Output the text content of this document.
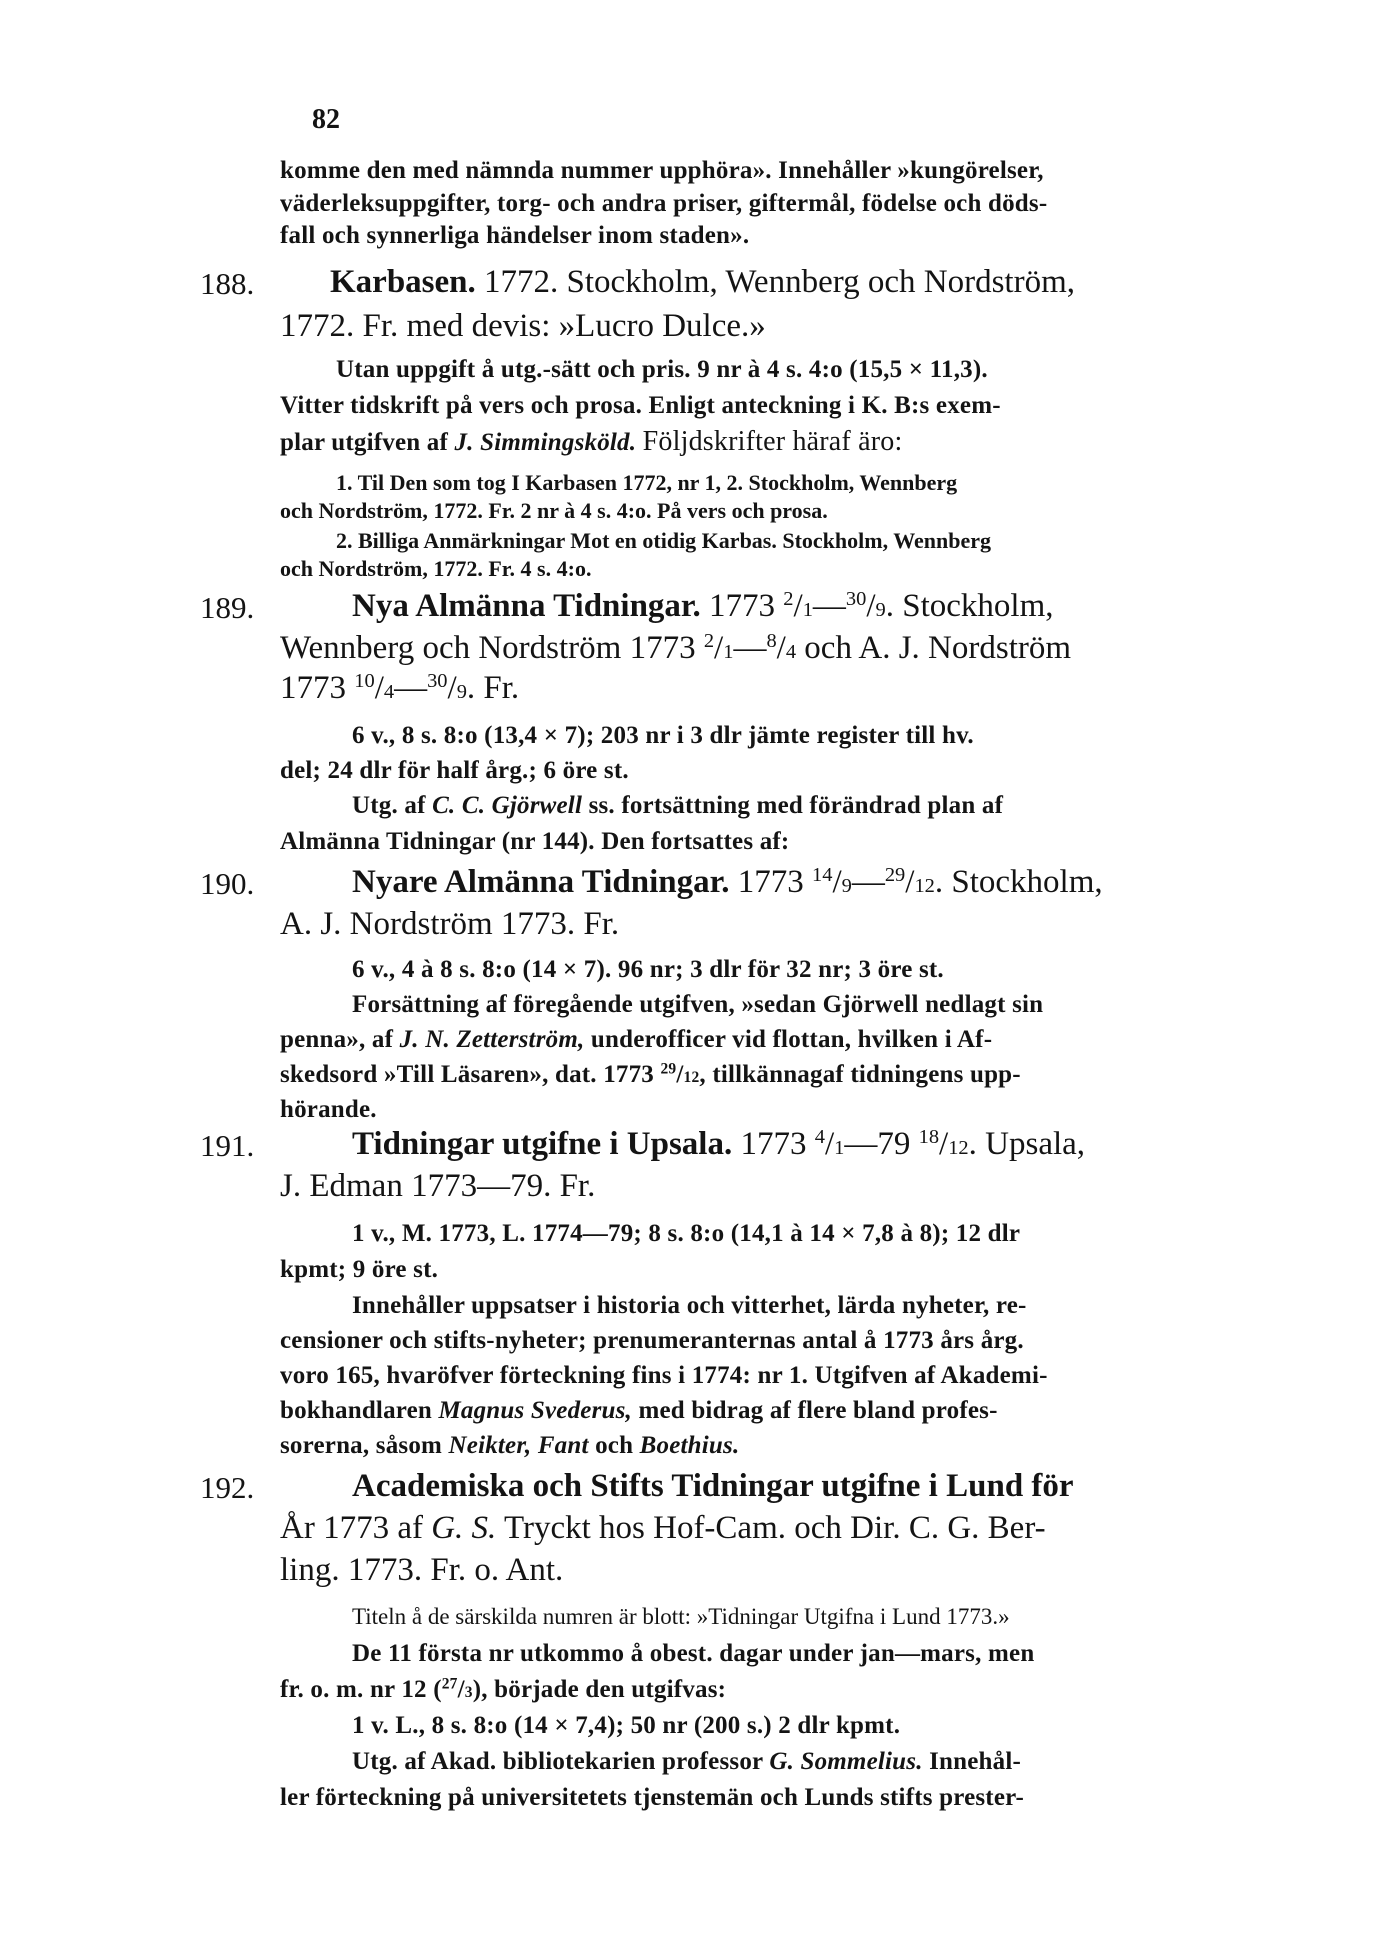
82
komme den med nämnda nummer upphöra». Innehåller »kungörelser,
väderleksuppgifter, torg- och andra priser, giftermål, födelse och döds-
fall och synnerliga händelser inom staden».
188. Karbasen. 1772. Stockholm, Wennberg och Nordström,
1772. Fr. med devis: »Lucro Dulce.»
Utan uppgift å utg.-sätt och pris. 9 nr à 4 s. 4:o (15,5 × 11,3).
Vitter tidskrift på vers och prosa. Enligt anteckning i K. B:s exem-
plar utgifven af J. Simmingsköld. Följdskrifter häraf äro:
1. Til Den som tog I Karbasen 1772, nr 1, 2. Stockholm, Wennberg
och Nordström, 1772. Fr. 2 nr à 4 s. 4:o. På vers och prosa.
2. Billiga Anmärkningar Mot en otidig Karbas. Stockholm, Wennberg
och Nordström, 1772. Fr. 4 s. 4:o.
189.	Nya Almänna Tidningar. 1773 $^2$/1—$^{30}$/9. Stockholm,
Wennberg och Nordström 1773 $^2$/1—$^8$/4 och A. J. Nordström
1773 $^{10}$/4—$^{30}$/9. Fr.
6 v., 8 s. 8:o (13,4 × 7); 203 nr i 3 dlr jämte register till hv.
del; 24 dlr för half årg.; 6 öre st.
Utg. af C. C. Gjörwell ss. fortsättning med förändrad plan af
Almänna Tidningar (nr 144). Den fortsattes af:
190.	Nyare Almänna Tidningar. 1773 $^{14}$/9—$^{29}$/12. Stockholm,
A. J. Nordström 1773. Fr.
6 v., 4 à 8 s. 8:o (14 × 7). 96 nr; 3 dlr för 32 nr; 3 öre st.
Forsättning af föregående utgifven, »sedan Gjörwell nedlagt sin
penna», af J. N. Zetterström, underofficer vid flottan, hvilken i Af-
skedsord »Till Läsaren», dat. 1773 $^{29}$/12, tillkännagaf tidningens upp-
hörande.
191.	Tidningar utgifne i Upsala. 1773 $^4$/1—79 $^{18}$/12. Upsala,
J. Edman 1773—79. Fr.
1 v., M. 1773, L. 1774—79; 8 s. 8:o (14,1 à 14 × 7,8 à 8); 12 dlr
kpmt; 9 öre st.
Innehåller uppsatser i historia och vitterhet, lärda nyheter, re-
censioner och stifts-nyheter; prenumeranternas antal å 1773 års årg.
voro 165, hvaröfver förteckning fins i 1774: nr 1. Utgifven af Akademi-
bokhandlaren Magnus Svederus, med bidrag af flere bland profes-
sorerna, såsom Neikter, Fant och Boethius.
192.	Academiska och Stifts Tidningar utgifne i Lund för
År 1773 af G. S. Tryckt hos Hof-Cam. och Dir. C. G. Ber-
ling. 1773. Fr. o. Ant.
Titeln å de särskilda numren är blott: »Tidningar Utgifna i Lund 1773.»
De 11 första nr utkommo å obest. dagar under jan—mars, men
fr. o. m. nr 12 ($^{27}$/3), började den utgifvas:
1 v. L., 8 s. 8:o (14 × 7,4); 50 nr (200 s.) 2 dlr kpmt.
Utg. af Akad. bibliotekarien professor G. Sommelius. Innehål-
ler förteckning på universitetets tjenstemän och Lunds stifts prester-
